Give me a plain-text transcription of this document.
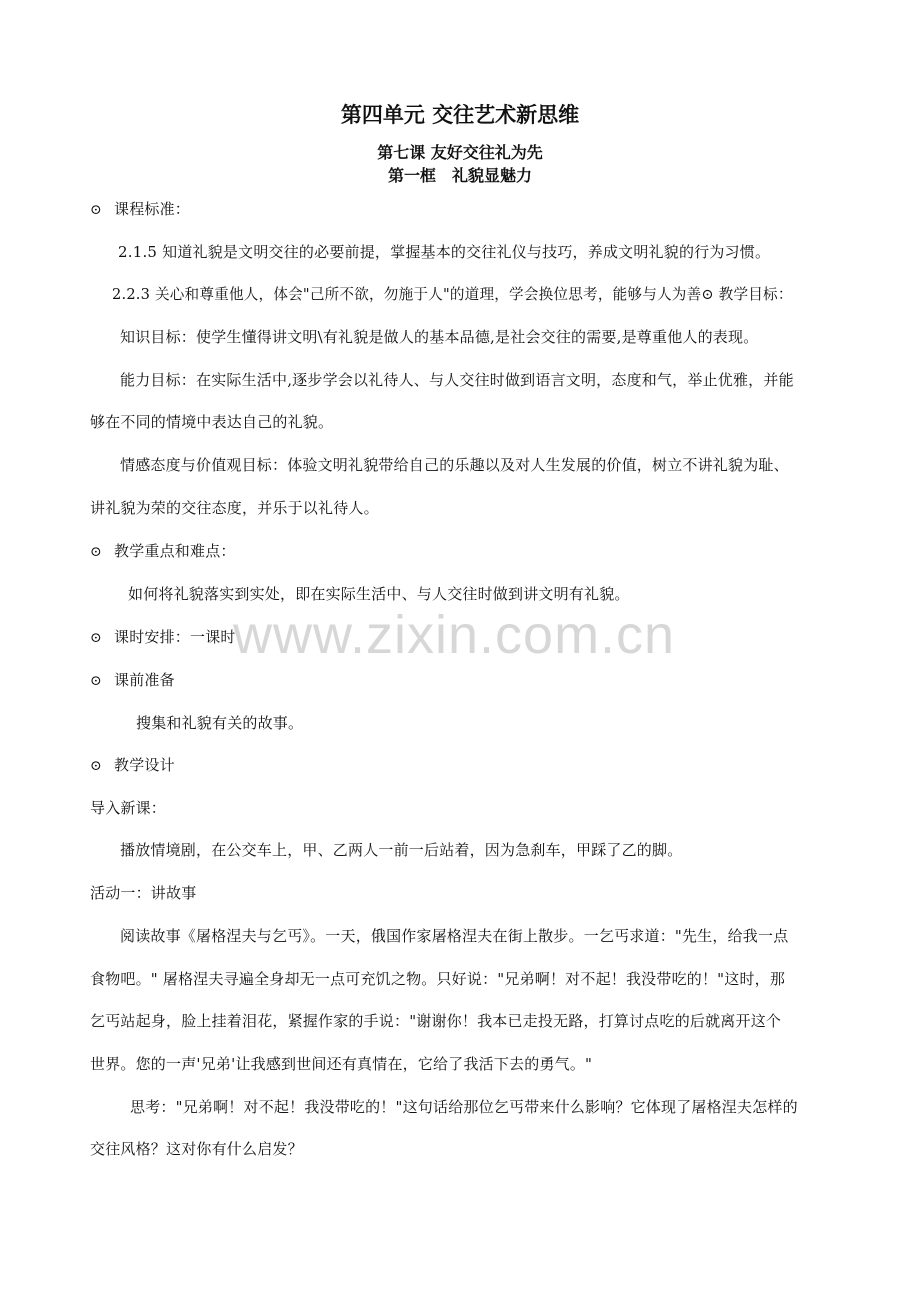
第四单元 交往艺术新思维
第七课 友好交往礼为先
第一框　礼貌显魅力
⊙ 课程标准：
2.1.5 知道礼貌是文明交往的必要前提，掌握基本的交往礼仪与技巧，养成文明礼貌的行为习惯。
2.2.3 关心和尊重他人，体会"己所不欲，勿施于人"的道理，学会换位思考，能够与人为善⊙ 教学目标：
知识目标：使学生懂得讲文明\有礼貌是做人的基本品德,是社会交往的需要,是尊重他人的表现。
能力目标：在实际生活中,逐步学会以礼待人、与人交往时做到语言文明，态度和气，举止优雅，并能
够在不同的情境中表达自己的礼貌。
情感态度与价值观目标：体验文明礼貌带给自己的乐趣以及对人生发展的价值，树立不讲礼貌为耻、
讲礼貌为荣的交往态度，并乐于以礼待人。
⊙ 教学重点和难点：
如何将礼貌落实到实处，即在实际生活中、与人交往时做到讲文明有礼貌。
⊙ 课时安排：一课时
⊙ 课前准备
搜集和礼貌有关的故事。
⊙ 教学设计
导入新课：
播放情境剧，在公交车上，甲、乙两人一前一后站着，因为急刹车，甲踩了乙的脚。
活动一：讲故事
阅读故事《屠格涅夫与乞丐》。一天，俄国作家屠格涅夫在街上散步。一乞丐求道："先生，给我一点
食物吧。" 屠格涅夫寻遍全身却无一点可充饥之物。只好说："兄弟啊！对不起！我没带吃的！"这时，那
乞丐站起身，脸上挂着泪花，紧握作家的手说："谢谢你！我本已走投无路，打算讨点吃的后就离开这个
世界。您的一声'兄弟'让我感到世间还有真情在，它给了我活下去的勇气。"
思考："兄弟啊！对不起！我没带吃的！"这句话给那位乞丐带来什么影响？它体现了屠格涅夫怎样的
交往风格？这对你有什么启发？
www.zixin.com.cn
